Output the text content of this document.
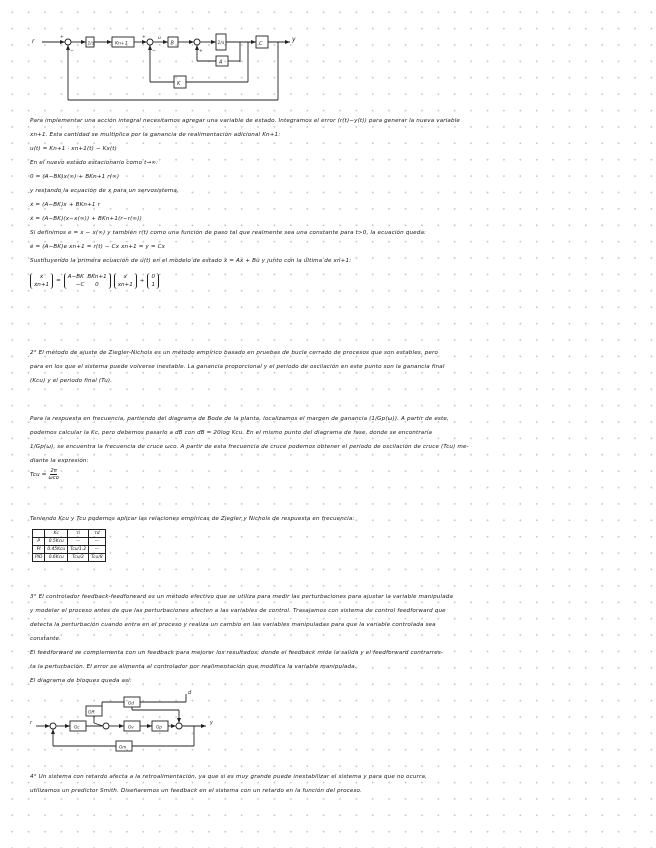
r	y
1/s	Kn+1	B	1/s	C
A
K
+
−
+
−	+
u

Para implementar una acción integral necesitamos agregar una variable de estado. Integramos el error (r(t)−y(t)) para generar la nueva variable

xn+1. Esta cantidad se multiplica por la ganancia de realimentación adicional Kn+1:

u(t) = Kn+1 · xn+1(t) − Kx(t)

En el nuevo estado estacionario como t→∞:

0 = (A−BK)x(∞) + BKn+1 r(∞)

y restando la ecuación de x para un servosistema,

ẋ = (A−BK)x + BKn+1 r

ẋ = (A−BK)(x−x(∞)) + BKn+1(r−r(∞))

Si definimos e = x − x(∞) y también r(t) como una función de paso tal que realmente sea una constante para t>0, la ecuación queda:

ė = (A−BK)e xn+1 = r(t) − Cx xn+1 = y = Cx

Sustituyendo la primera ecuación de u(t) en el modelo de estado ẋ = Ax + Bu y junto con la última de xn+1:

ẋ
ẋn+1
=
A−BK BKn+1
−C 0
x
xn+1
+
0
1

2° El método de ajuste de Ziegler-Nichols es un método empírico basado en pruebas de bucle cerrado de procesos que son estables, pero

para en los que el sistema puede volverse inestable. La ganancia proporcional y el periodo de oscilación en este punto son la ganancia final

(Kcu) y el periodo final (Tu).

Para la respuesta en frecuencia, partiendo del diagrama de Bode de la planta, localizamos el margen de ganancia (1/Gp(ω)). A partir de este,

podemos calcular la Kc, pero debemos pasarlo a dB con dB = 20log Kcu. En el mismo punto del diagrama de fase, donde se encontraría

1/Gp(ω), se encuentra la frecuencia de cruce ωco. A partir de esta frecuencia de cruce podemos obtener el periodo de oscilación de cruce (Tcu) me-

diante la expresión:

Tcu = $\frac{2\pi}{\text{ωco}}$

Teniendo Kcu y Tcu podemos aplicar las relaciones empíricas de Ziegler y Nichols de respuesta en frecuencia:

	Kc	τi	τd
P	0.5Kcu	—	—
PI	0.45Kcu	Tcu/1.2	—
PID	0.6Kcu	Tcu/2	Tcu/8

3° El controlador feedback-feedforward es un método efectivo que se utiliza para medir las perturbaciones para ajustar la variable manipulada

y modelar el proceso antes de que las perturbaciones afecten a las variables de control. Trasajamos con sistema de control feedforward que

detecta la perturbación cuando entra en el proceso y realiza un cambio en las variables manipuladas para que la variable controlada sea

constante.

El feedforward se complementa con un feedback para mejorar los resultados, donde el feedback mide la salida y el feedforward contrarres-

ta la perturbación. El error se alimenta al controlador por realimentación que modifica la variable manipulada.

El diagrama de bloques queda así:

r	y
d
Gd
Gff
Gc	Gv	Gp
Gm

4° Un sistema con retardo afecta a la retroalimentación, ya que si es muy grande puede inestabilizar el sistema y para que no ocurra,

utilizamos un predictor Smith. Diseñaremos un feedback en el sistema con un retardo en la función del proceso.
